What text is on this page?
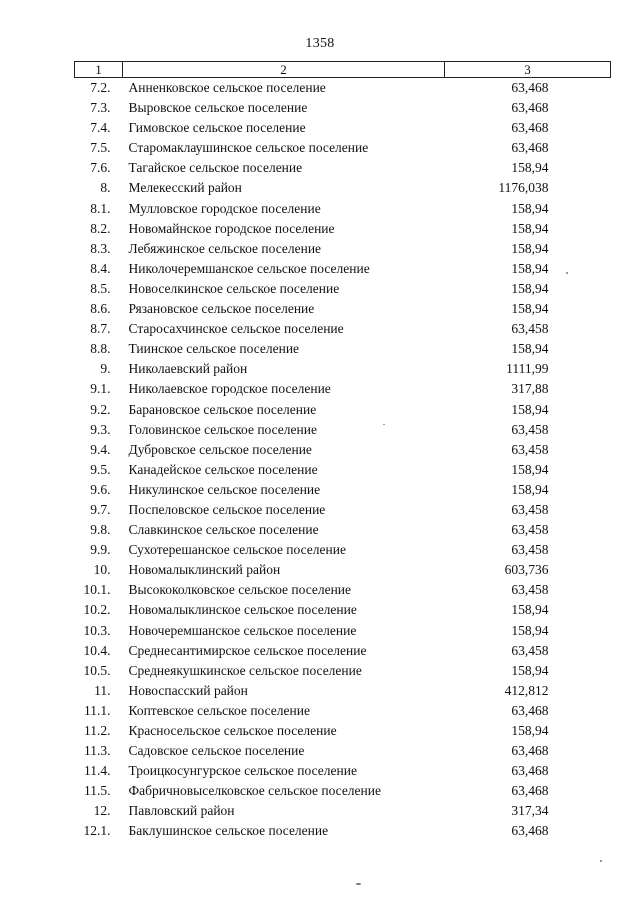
1358
1	2	3
7.2.	Анненковское сельское поселение	63,468
7.3.	Выровское сельское поселение	63,468
7.4.	Гимовское сельское поселение	63,468
7.5.	Старомаклаушинское сельское поселение	63,468
7.6.	Тагайское сельское поселение	158,94
8.	Мелекесский район	1176,038
8.1.	Мулловское городское поселение	158,94
8.2.	Новомайнское городское поселение	158,94
8.3.	Лебяжинское сельское поселение	158,94
8.4.	Николочеремшанское сельское поселение	158,94
8.5.	Новоселкинское сельское поселение	158,94
8.6.	Рязановское сельское поселение	158,94
8.7.	Старосахчинское сельское поселение	63,458
8.8.	Тиинское сельское поселение	158,94
9.	Николаевский район	1111,99
9.1.	Николаевское городское поселение	317,88
9.2.	Барановское сельское поселение	158,94
9.3.	Головинское сельское поселение	63,458
9.4.	Дубровское сельское поселение	63,458
9.5.	Канадейское сельское поселение	158,94
9.6.	Никулинское сельское поселение	158,94
9.7.	Поспеловское сельское поселение	63,458
9.8.	Славкинское сельское поселение	63,458
9.9.	Сухотерешанское сельское поселение	63,458
10.	Новомалыклинский район	603,736
10.1.	Высококолковское сельское поселение	63,458
10.2.	Новомалыклинское сельское поселение	158,94
10.3.	Новочеремшанское сельское поселение	158,94
10.4.	Среднесантимирское сельское поселение	63,458
10.5.	Среднеякушкинское сельское поселение	158,94
11.	Новоспасский район	412,812
11.1.	Коптевское сельское поселение	63,468
11.2.	Красносельское сельское поселение	158,94
11.3.	Садовское сельское поселение	63,468
11.4.	Троицкосунгурское сельское поселение	63,468
11.5.	Фабричновыселковское сельское поселение	63,468
12.	Павловский район	317,34
12.1.	Баклушинское сельское поселение	63,468
